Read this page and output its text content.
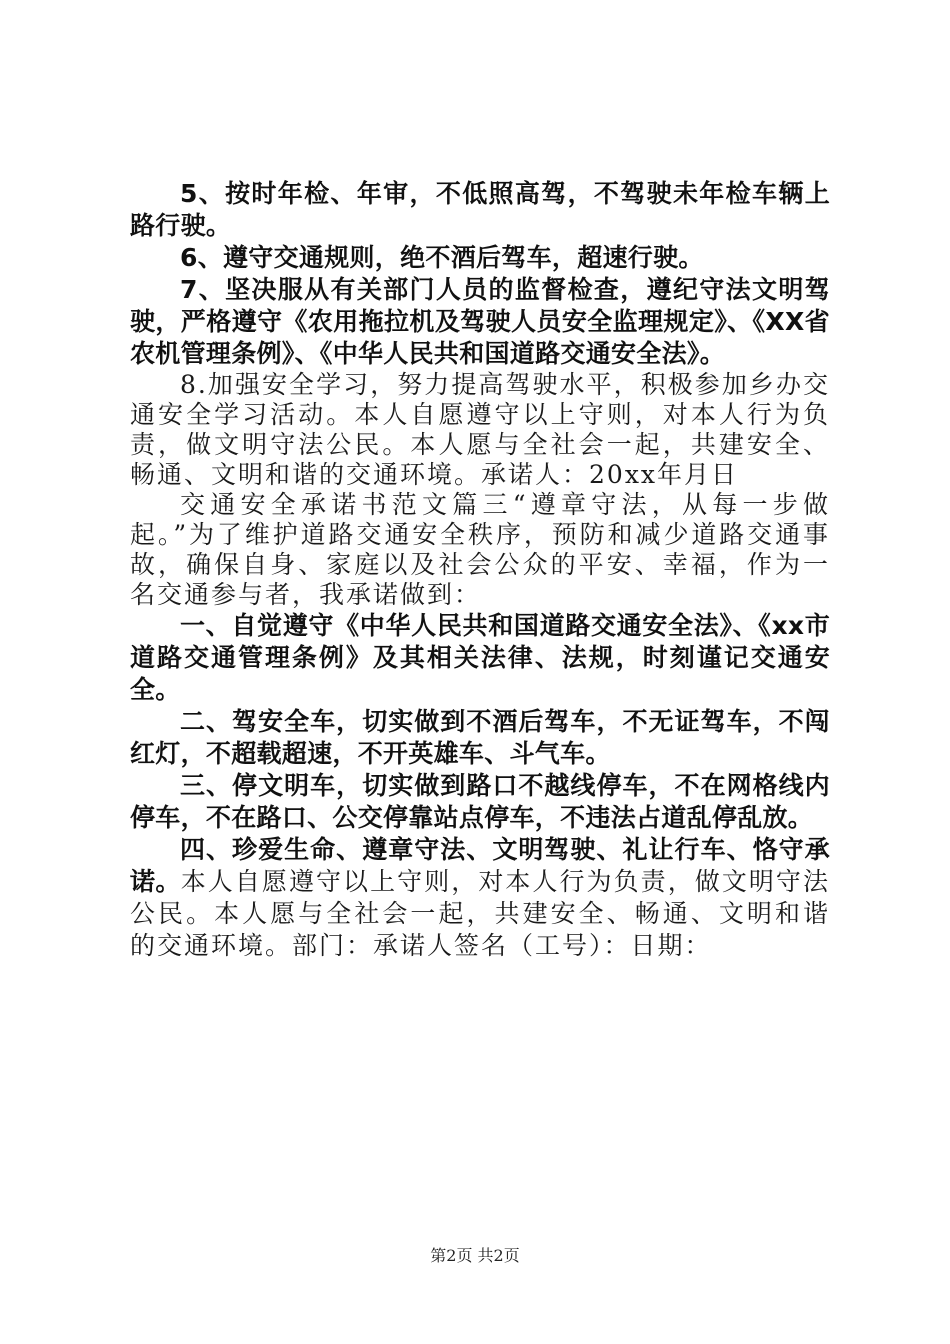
5、按时年检、年审，不低照高驾，不驾驶未年检车辆上路行驶。

6、遵守交通规则，绝不酒后驾车，超速行驶。

7、坚决服从有关部门人员的监督检查，遵纪守法文明驾驶，严格遵守《农用拖拉机及驾驶人员安全监理规定》、《XX省农机管理条例》、《中华人民共和国道路交通安全法》。

8.加强安全学习，努力提高驾驶水平，积极参加乡办交通安全学习活动。本人自愿遵守以上守则，对本人行为负责，做文明守法公民。本人愿与全社会一起，共建安全、畅通、文明和谐的交通环境。承诺人：20xx年月日

交通安全承诺书范文篇三“遵章守法，从每一步做起。”为了维护道路交通安全秩序，预防和减少道路交通事故，确保自身、家庭以及社会公众的平安、幸福，作为一名交通参与者，我承诺做到：

一、自觉遵守《中华人民共和国道路交通安全法》、《xx市道路交通管理条例》及其相关法律、法规，时刻谨记交通安全。

二、驾安全车，切实做到不酒后驾车，不无证驾车，不闯红灯，不超载超速，不开英雄车、斗气车。

三、停文明车，切实做到路口不越线停车，不在网格线内停车，不在路口、公交停靠站点停车，不违法占道乱停乱放。

四、珍爱生命、遵章守法、文明驾驶、礼让行车、恪守承诺。本人自愿遵守以上守则，对本人行为负责，做文明守法公民。本人愿与全社会一起，共建安全、畅通、文明和谐的交通环境。部门：承诺人签名（工号）：日期：

第2页 共2页
